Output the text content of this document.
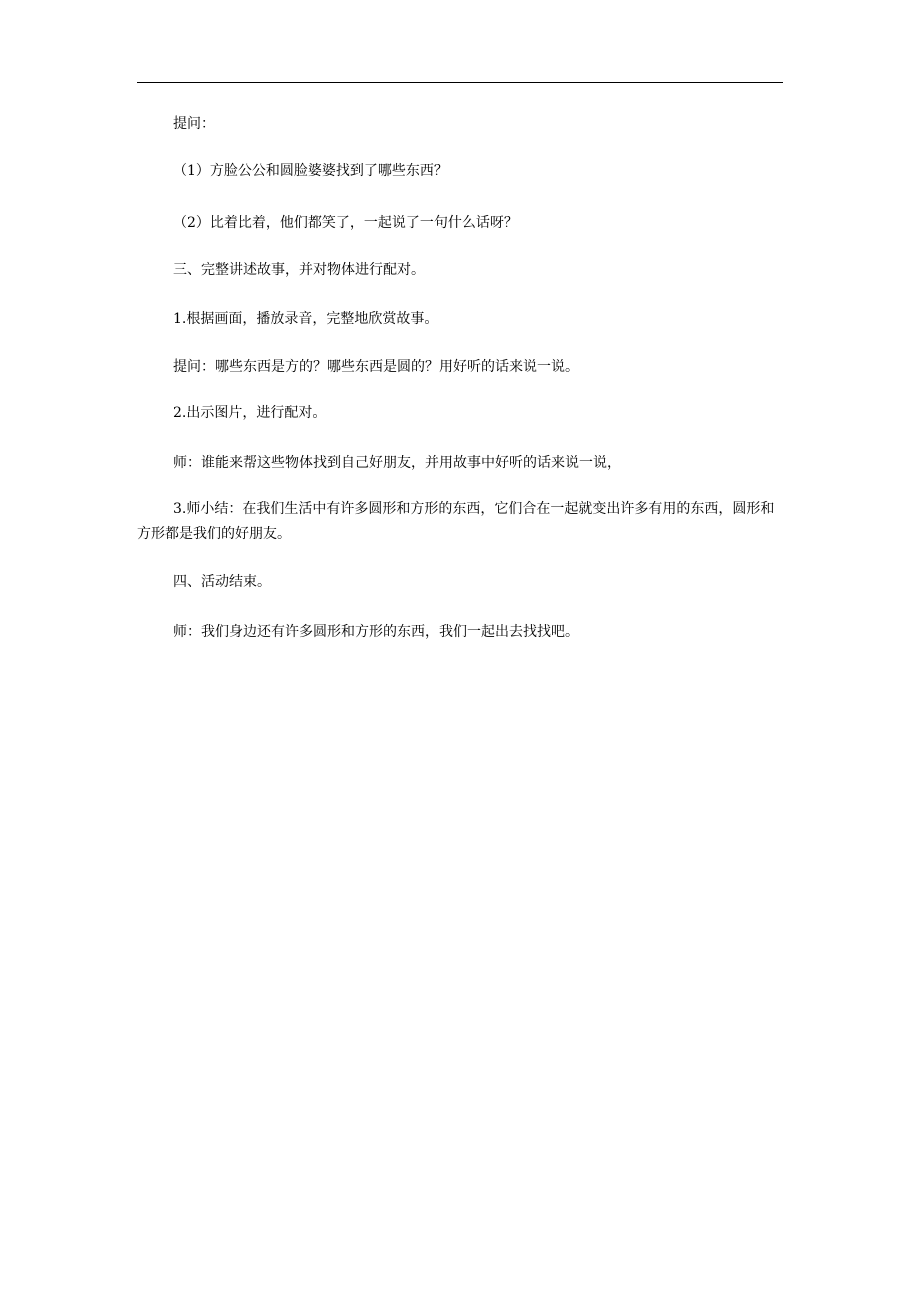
提问：

（1）方脸公公和圆脸婆婆找到了哪些东西？

（2）比着比着，他们都笑了，一起说了一句什么话呀？

三、完整讲述故事，并对物体进行配对。

1.根据画面，播放录音，完整地欣赏故事。

提问：哪些东西是方的？哪些东西是圆的？用好听的话来说一说。

2.出示图片，进行配对。

师：谁能来帮这些物体找到自己好朋友，并用故事中好听的话来说一说，

3.师小结：在我们生活中有许多圆形和方形的东西，它们合在一起就变出许多有用的东西，圆形和方形都是我们的好朋友。

四、活动结束。

师：我们身边还有许多圆形和方形的东西，我们一起出去找找吧。
